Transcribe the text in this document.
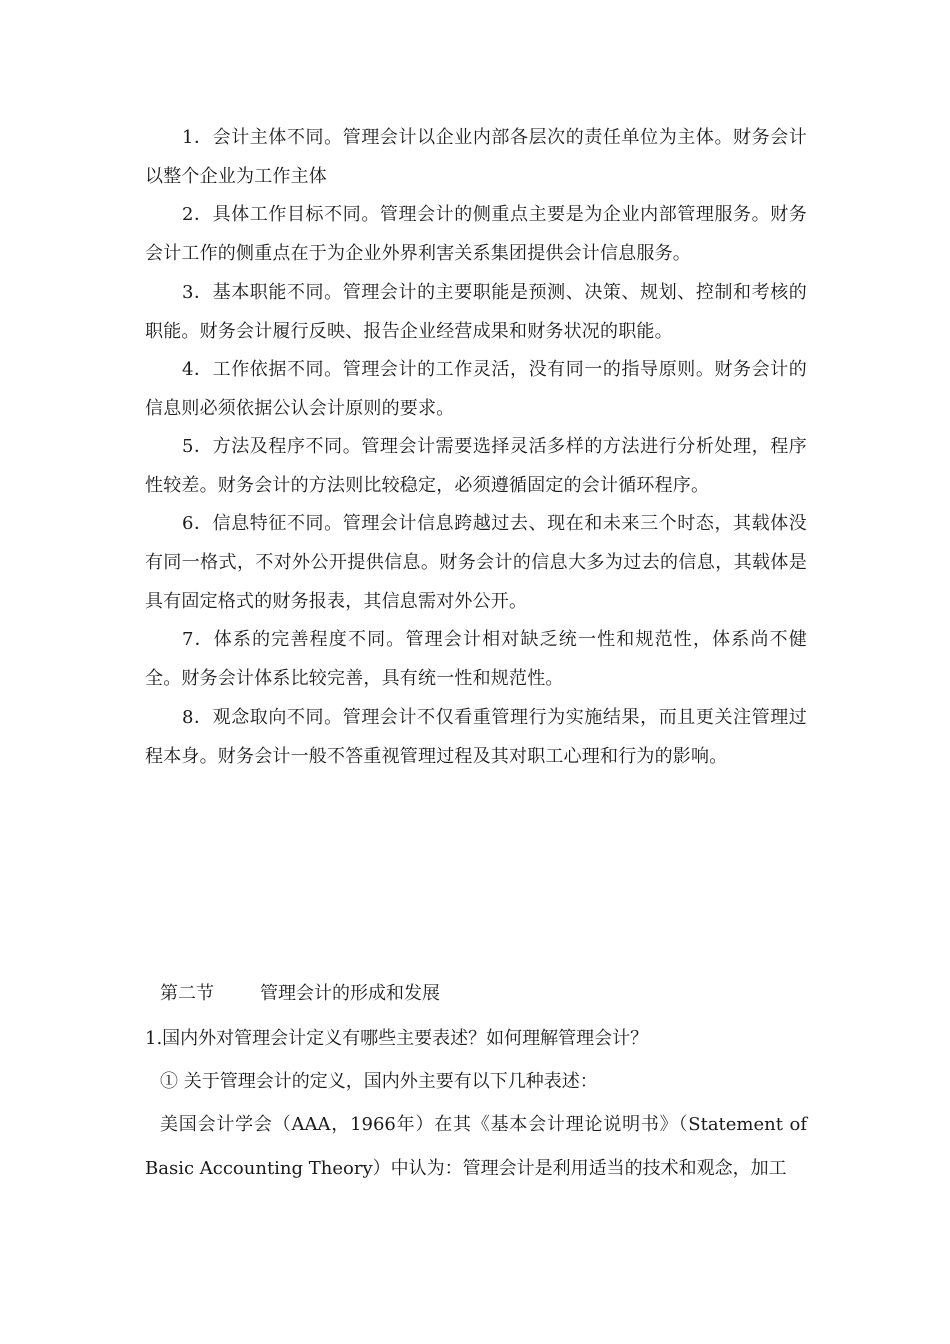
1．会计主体不同。管理会计以企业内部各层次的责任单位为主体。财务会计以整个企业为工作主体

2．具体工作目标不同。管理会计的侧重点主要是为企业内部管理服务。财务会计工作的侧重点在于为企业外界利害关系集团提供会计信息服务。

3．基本职能不同。管理会计的主要职能是预测、决策、规划、控制和考核的职能。财务会计履行反映、报告企业经营成果和财务状况的职能。

4．工作依据不同。管理会计的工作灵活，没有同一的指导原则。财务会计的信息则必须依据公认会计原则的要求。

5．方法及程序不同。管理会计需要选择灵活多样的方法进行分析处理，程序性较差。财务会计的方法则比较稳定，必须遵循固定的会计循环程序。

6．信息特征不同。管理会计信息跨越过去、现在和未来三个时态，其载体没有同一格式，不对外公开提供信息。财务会计的信息大多为过去的信息，其载体是具有固定格式的财务报表，其信息需对外公开。

7．体系的完善程度不同。管理会计相对缺乏统一性和规范性，体系尚不健全。财务会计体系比较完善，具有统一性和规范性。

8．观念取向不同。管理会计不仅看重管理行为实施结果，而且更关注管理过程本身。财务会计一般不答重视管理过程及其对职工心理和行为的影响。

第二节	管理会计的形成和发展

1.国内外对管理会计定义有哪些主要表述？如何理解管理会计？

① 关于管理会计的定义，国内外主要有以下几种表述：

美国会计学会（AAA，1966年）在其《基本会计理论说明书》（Statement of Basic Accounting Theory）中认为：管理会计是利用适当的技术和观念，加工
